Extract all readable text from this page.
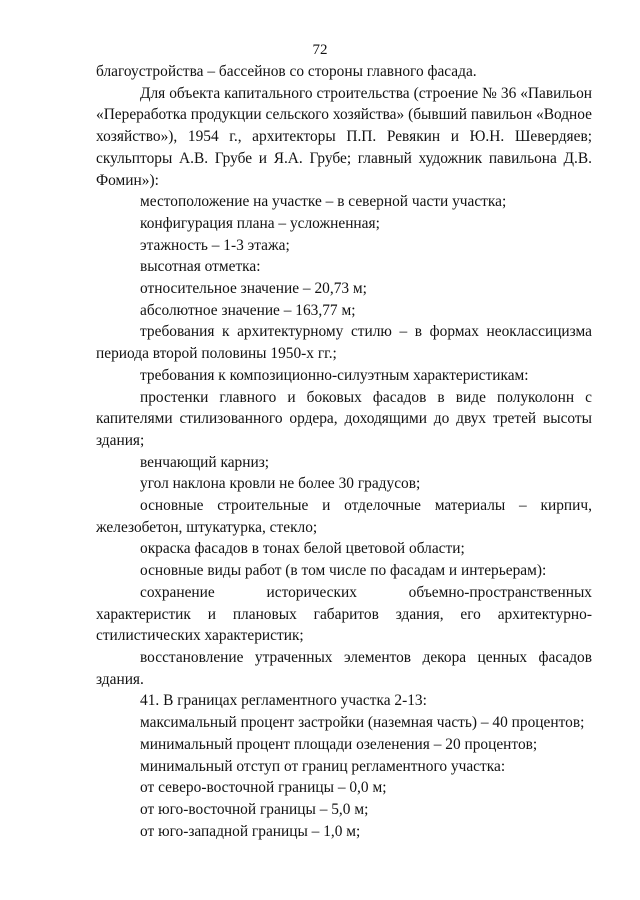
72

благоустройства – бассейнов со стороны главного фасада.

Для объекта капитального строительства (строение № 36 «Павильон «Переработка продукции сельского хозяйства» (бывший павильон «Водное хозяйство»), 1954 г., архитекторы П.П. Ревякин и Ю.Н. Шевердяев; скульпторы А.В. Грубе и Я.А. Грубе; главный художник павильона Д.В. Фомин»):

местоположение на участке – в северной части участка;

конфигурация плана – усложненная;

этажность – 1-3 этажа;

высотная отметка:

относительное значение – 20,73 м;

абсолютное значение – 163,77 м;

требования к архитектурному стилю – в формах неоклассицизма периода второй половины 1950-х гг.;

требования к композиционно-силуэтным характеристикам:

простенки главного и боковых фасадов в виде полуколонн с капителями стилизованного ордера, доходящими до двух третей высоты здания;

венчающий карниз;

угол наклона кровли не более 30 градусов;

основные строительные и отделочные материалы – кирпич, железобетон, штукатурка, стекло;

окраска фасадов в тонах белой цветовой области;

основные виды работ (в том числе по фасадам и интерьерам):

сохранение исторических объемно-пространственных характеристик и плановых габаритов здания, его архитектурно-стилистических характеристик;

восстановление утраченных элементов декора ценных фасадов здания.

41. В границах регламентного участка 2-13:

максимальный процент застройки (наземная часть) – 40 процентов;

минимальный процент площади озеленения – 20 процентов;

минимальный отступ от границ регламентного участка:

от северо-восточной границы – 0,0 м;

от юго-восточной границы – 5,0 м;

от юго-западной границы – 1,0 м;
